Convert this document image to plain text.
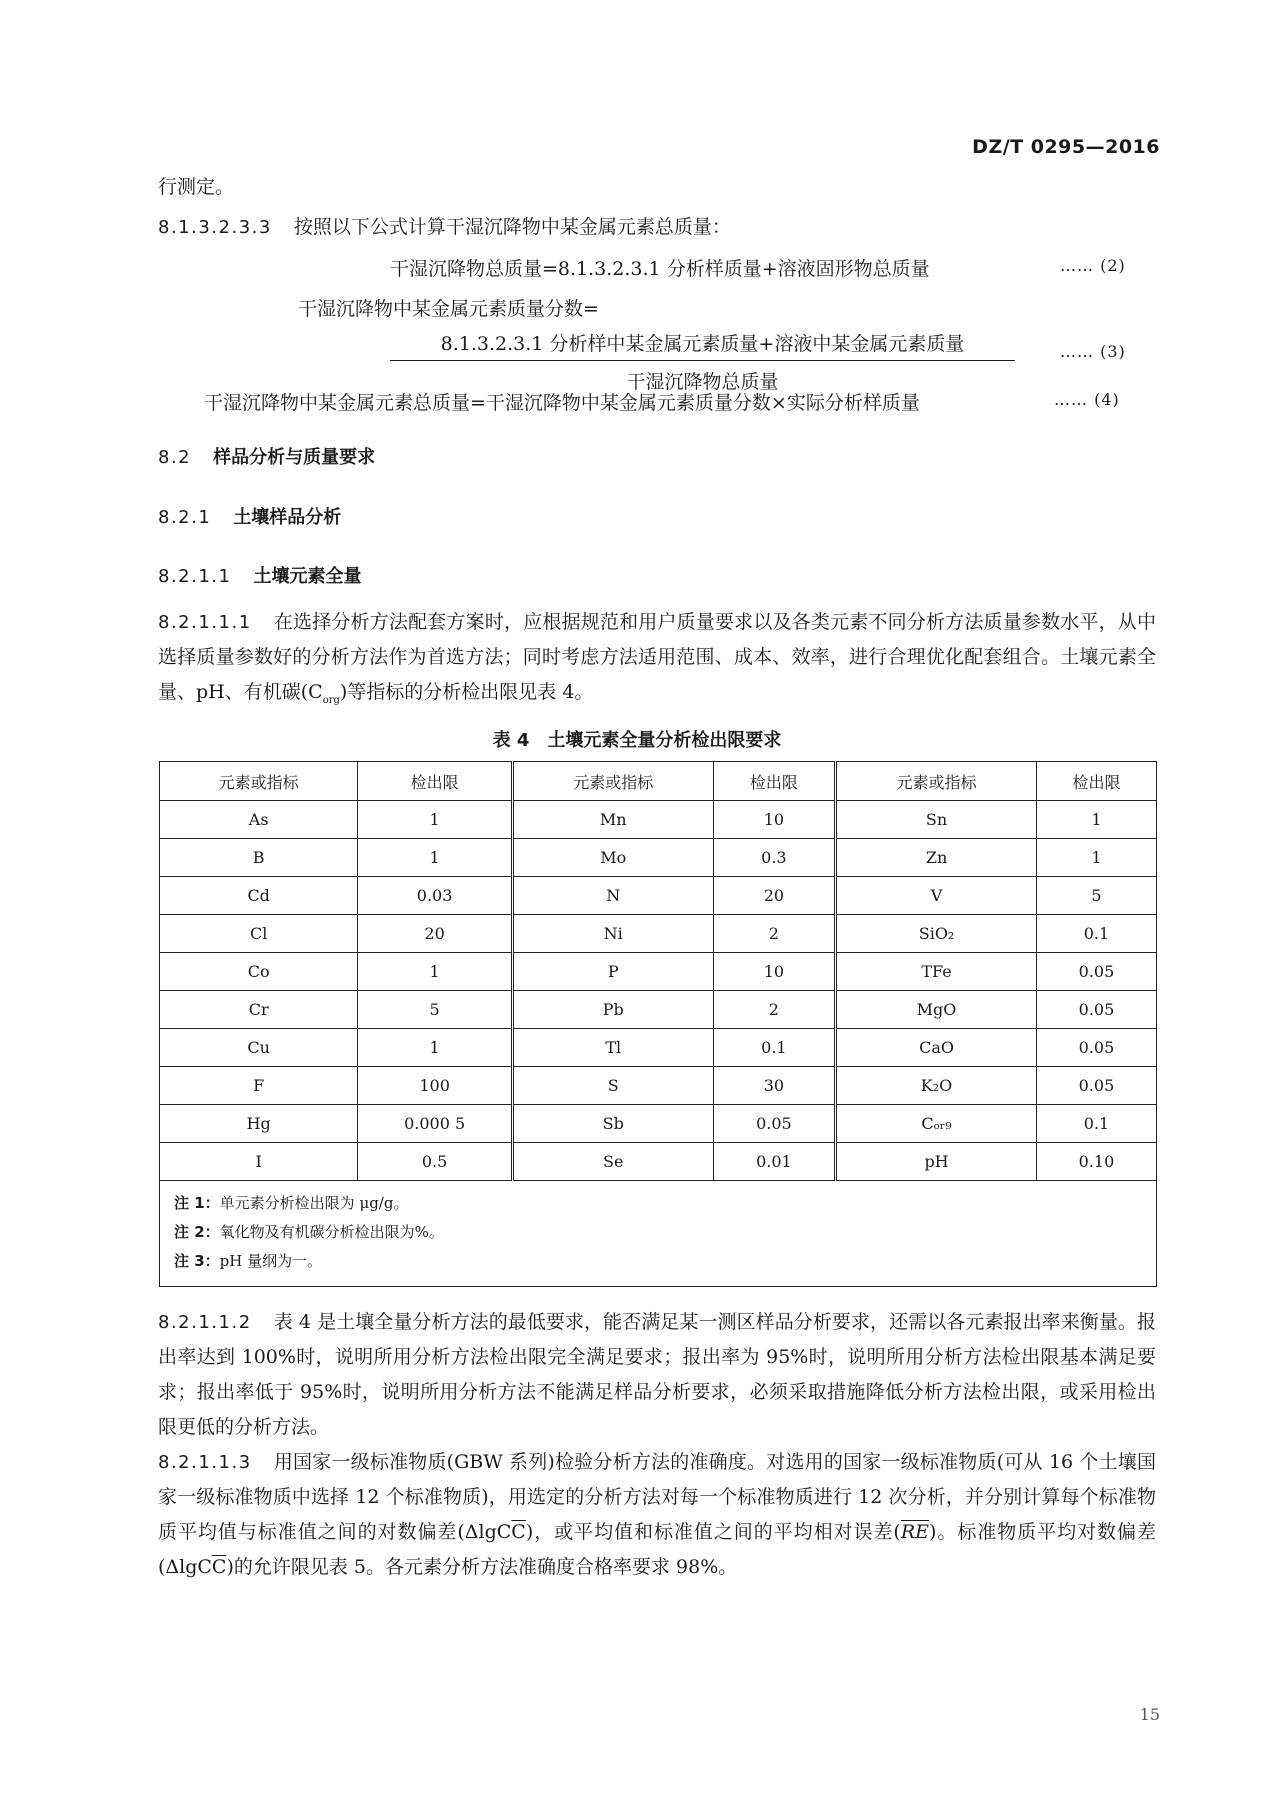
DZ/T 0295—2016
行测定。
8.1.3.2.3.3 按照以下公式计算干湿沉降物中某金属元素总质量：
干湿沉降物总质量=8.1.3.2.3.1 分析样质量+溶液固形物总质量	…… (2)
干湿沉降物中某金属元素质量分数=
8.1.3.2.3.1 分析样中某金属元素质量+溶液中某金属元素质量
干湿沉降物总质量
…… (3)
干湿沉降物中某金属元素总质量=干湿沉降物中某金属元素质量分数×实际分析样质量	…… (4)
8.2 样品分析与质量要求
8.2.1 土壤样品分析
8.2.1.1 土壤元素全量
8.2.1.1.1 在选择分析方法配套方案时，应根据规范和用户质量要求以及各类元素不同分析方法质量参数水平，从中选择质量参数好的分析方法作为首选方法；同时考虑方法适用范围、成本、效率，进行合理优化配套组合。土壤元素全量、pH、有机碳$(C_{org})$等指标的分析检出限见表 4。
表 4　土壤元素全量分析检出限要求
元素或指标	检出限	元素或指标	检出限	元素或指标	检出限
As	1	Mn	10	Sn	1
B	1	Mo	0.3	Zn	1
Cd	0.03	N	20	V	5
Cl	20	Ni	2	SiO₂	0.1
Co	1	P	10	TFe	0.05
Cr	5	Pb	2	MgO	0.05
Cu	1	Tl	0.1	CaO	0.05
F	100	S	30	K₂O	0.05
Hg	0.000 5	Sb	0.05	Cₒᵣ₉	0.1
I	0.5	Se	0.01	pH	0.10

注 1：单元素分析检出限为 μg/g。
注 2：氧化物及有机碳分析检出限为%。
注 3：pH 量纲为一。					
8.2.1.1.2 表 4 是土壤全量分析方法的最低要求，能否满足某一测区样品分析要求，还需以各元素报出率来衡量。报出率达到 100%时，说明所用分析方法检出限完全满足要求；报出率为 95%时，说明所用分析方法检出限基本满足要求；报出率低于 95%时，说明所用分析方法不能满足样品分析要求，必须采取措施降低分析方法检出限，或采用检出限更低的分析方法。
8.2.1.1.3 用国家一级标准物质(GBW 系列)检验分析方法的准确度。对选用的国家一级标准物质(可从 16 个土壤国家一级标准物质中选择 12 个标准物质)，用选定的分析方法对每一个标准物质进行 12 次分析，并分别计算每个标准物质平均值与标准值之间的对数偏差$(\Delta\lg C\overline{C})$，或平均值和标准值之间的平均相对误差$(\overline{RE})$。标准物质平均对数偏差$(\Delta\lg C\overline{C})$的允许限见表 5。各元素分析方法准确度合格率要求 98%。
15
